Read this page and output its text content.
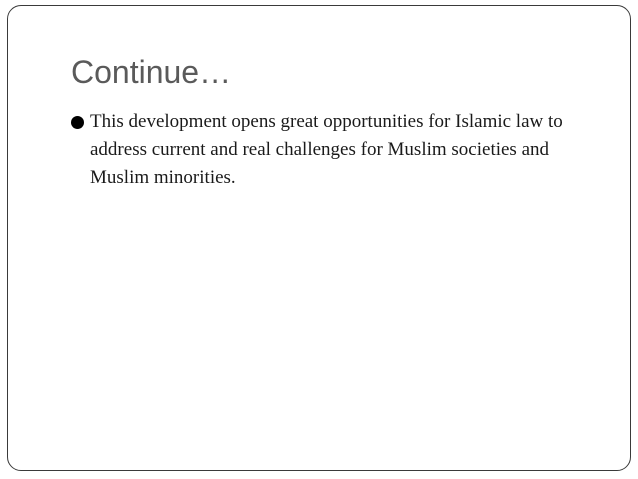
Continue…
This development opens great opportunities for Islamic law to address current and real challenges for Muslim societies and Muslim minorities.
